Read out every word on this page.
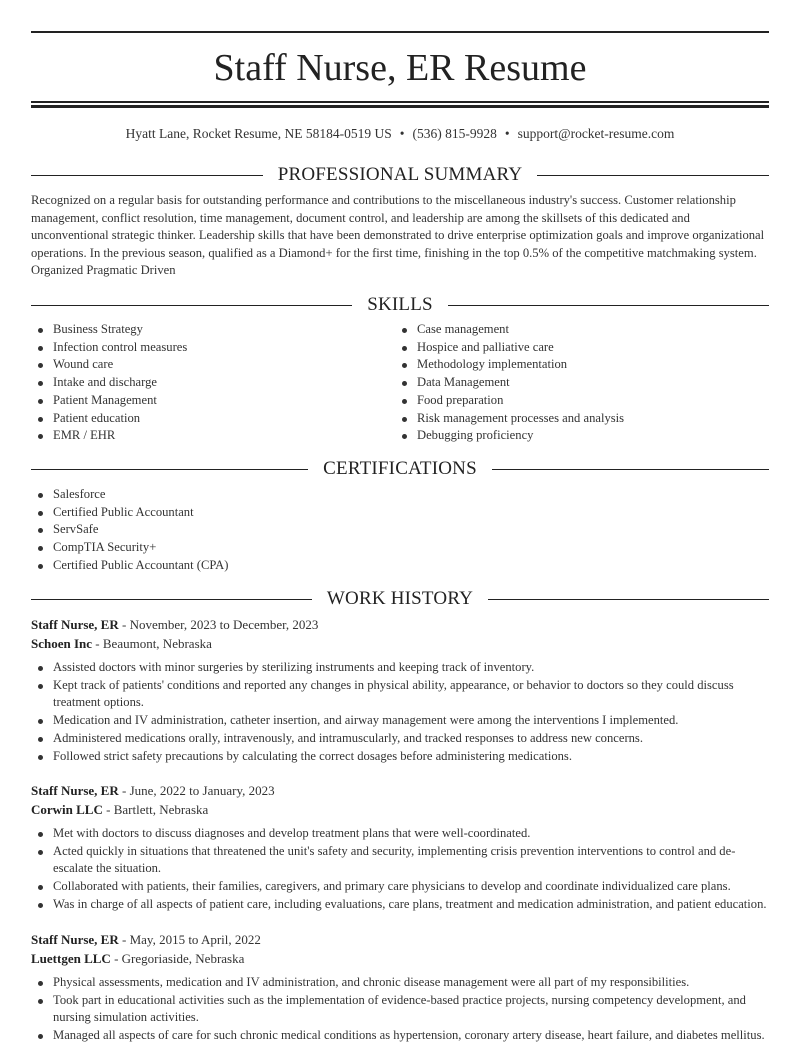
Staff Nurse, ER Resume
Hyatt Lane, Rocket Resume, NE 58184-0519 US • (536) 815-9928 • support@rocket-resume.com
PROFESSIONAL SUMMARY
Recognized on a regular basis for outstanding performance and contributions to the miscellaneous industry's success. Customer relationship management, conflict resolution, time management, document control, and leadership are among the skillsets of this dedicated and unconventional strategic thinker. Leadership skills that have been demonstrated to drive enterprise optimization goals and improve organizational operations. In the previous season, qualified as a Diamond+ for the first time, finishing in the top 0.5% of the competitive matchmaking system. Organized Pragmatic Driven
SKILLS
Business Strategy
Infection control measures
Wound care
Intake and discharge
Patient Management
Patient education
EMR / EHR
Case management
Hospice and palliative care
Methodology implementation
Data Management
Food preparation
Risk management processes and analysis
Debugging proficiency
CERTIFICATIONS
Salesforce
Certified Public Accountant
ServSafe
CompTIA Security+
Certified Public Accountant (CPA)
WORK HISTORY
Staff Nurse, ER - November, 2023 to December, 2023
Schoen Inc - Beaumont, Nebraska
Assisted doctors with minor surgeries by sterilizing instruments and keeping track of inventory.
Kept track of patients' conditions and reported any changes in physical ability, appearance, or behavior to doctors so they could discuss treatment options.
Medication and IV administration, catheter insertion, and airway management were among the interventions I implemented.
Administered medications orally, intravenously, and intramuscularly, and tracked responses to address new concerns.
Followed strict safety precautions by calculating the correct dosages before administering medications.
Staff Nurse, ER - June, 2022 to January, 2023
Corwin LLC - Bartlett, Nebraska
Met with doctors to discuss diagnoses and develop treatment plans that were well-coordinated.
Acted quickly in situations that threatened the unit's safety and security, implementing crisis prevention interventions to control and de-escalate the situation.
Collaborated with patients, their families, caregivers, and primary care physicians to develop and coordinate individualized care plans.
Was in charge of all aspects of patient care, including evaluations, care plans, treatment and medication administration, and patient education.
Staff Nurse, ER - May, 2015 to April, 2022
Luettgen LLC - Gregoriaside, Nebraska
Physical assessments, medication and IV administration, and chronic disease management were all part of my responsibilities.
Took part in educational activities such as the implementation of evidence-based practice projects, nursing competency development, and nursing simulation activities.
Managed all aspects of care for such chronic medical conditions as hypertension, coronary artery disease, heart failure, and diabetes mellitus.
